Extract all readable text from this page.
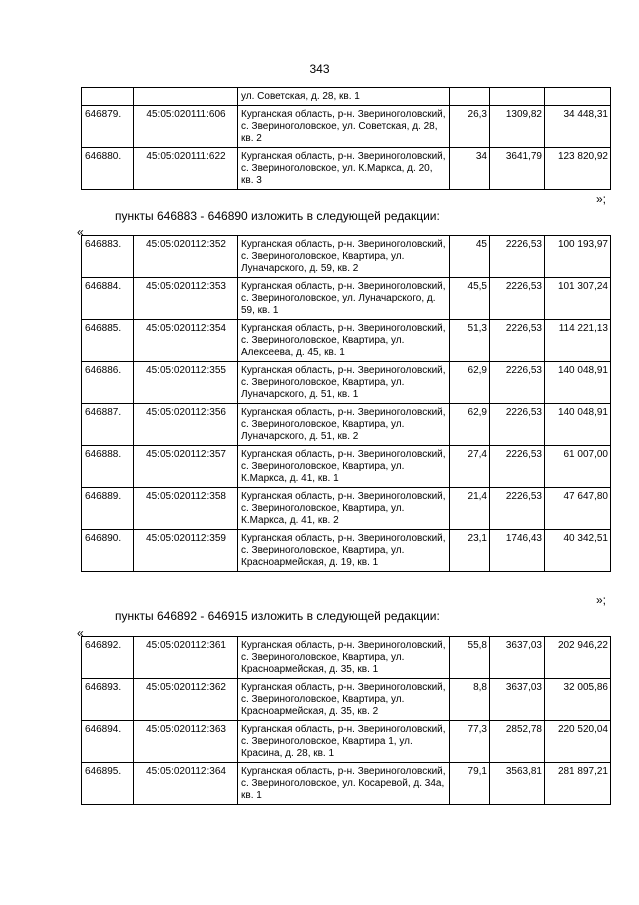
343
		ул. Советская, д. 28, кв. 1			
646879.	45:05:020111:606	Курганская область, р-н. Звериноголовский, с. Звериноголовское, ул. Советская, д. 28, кв. 2	26,3	1309,82	34 448,31
646880.	45:05:020111:622	Курганская область, р-н. Звериноголовский, с. Звериноголовское, ул. К.Маркса, д. 20, кв. 3	34	3641,79	123 820,92
»;
пункты 646883 - 646890 изложить в следующей редакции:
«
646883.	45:05:020112:352	Курганская область, р-н. Звериноголовский, с. Звериноголовское, Квартира, ул. Луначарского, д. 59, кв. 2	45	2226,53	100 193,97
646884.	45:05:020112:353	Курганская область, р-н. Звериноголовский, с. Звериноголовское, ул. Луначарского, д. 59, кв. 1	45,5	2226,53	101 307,24
646885.	45:05:020112:354	Курганская область, р-н. Звериноголовский, с. Звериноголовское, Квартира, ул. Алексеева, д. 45, кв. 1	51,3	2226,53	114 221,13
646886.	45:05:020112:355	Курганская область, р-н. Звериноголовский, с. Звериноголовское, Квартира, ул. Луначарского, д. 51, кв. 1	62,9	2226,53	140 048,91
646887.	45:05:020112:356	Курганская область, р-н. Звериноголовский, с. Звериноголовское, Квартира, ул. Луначарского, д. 51, кв. 2	62,9	2226,53	140 048,91
646888.	45:05:020112:357	Курганская область, р-н. Звериноголовский, с. Звериноголовское, Квартира, ул. К.Маркса, д. 41, кв. 1	27,4	2226,53	61 007,00
646889.	45:05:020112:358	Курганская область, р-н. Звериноголовский, с. Звериноголовское, Квартира, ул. К.Маркса, д. 41, кв. 2	21,4	2226,53	47 647,80
646890.	45:05:020112:359	Курганская область, р-н. Звериноголовский, с. Звериноголовское, Квартира, ул. Красноармейская, д. 19, кв. 1	23,1	1746,43	40 342,51
»;
пункты 646892 - 646915 изложить в следующей редакции:
«
646892.	45:05:020112:361	Курганская область, р-н. Звериноголовский, с. Звериноголовское, Квартира, ул. Красноармейская, д. 35, кв. 1	55,8	3637,03	202 946,22
646893.	45:05:020112:362	Курганская область, р-н. Звериноголовский, с. Звериноголовское, Квартира, ул. Красноармейская, д. 35, кв. 2	8,8	3637,03	32 005,86
646894.	45:05:020112:363	Курганская область, р-н. Звериноголовский, с. Звериноголовское, Квартира 1, ул. Красина, д. 28, кв. 1	77,3	2852,78	220 520,04
646895.	45:05:020112:364	Курганская область, р-н. Звериноголовский, с. Звериноголовское, ул. Косаревой, д. 34а, кв. 1	79,1	3563,81	281 897,21
